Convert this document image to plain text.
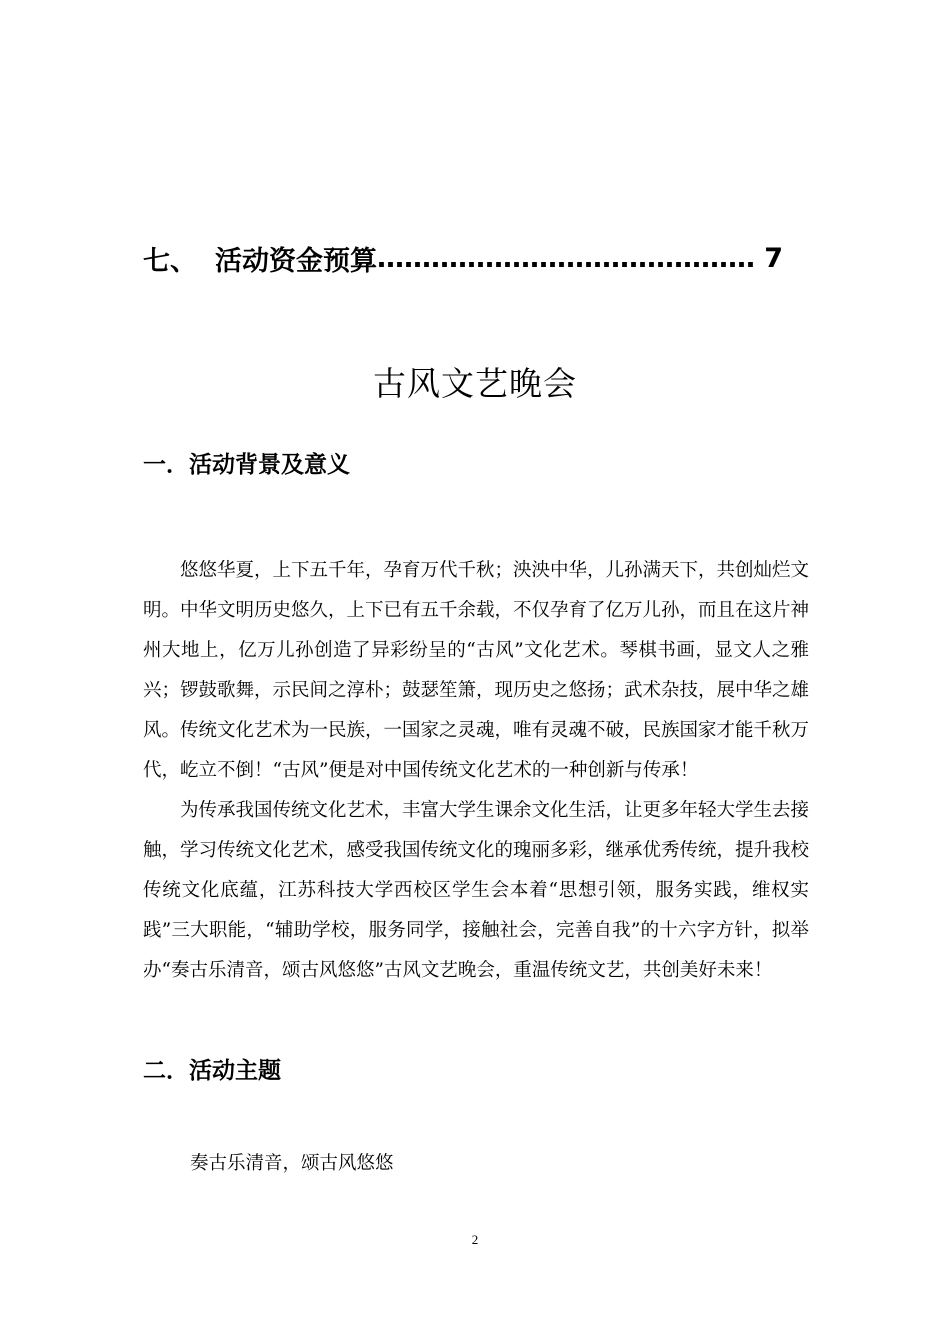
七、 活动资金预算 …………………………………… 7
古风文艺晚会
一．活动背景及意义

悠悠华夏，上下五千年，孕育万代千秋；泱泱中华，儿孙满天下，共创灿烂文明。中华文明历史悠久，上下已有五千余载，不仅孕育了亿万儿孙，而且在这片神州大地上，亿万儿孙创造了异彩纷呈的“古风”文化艺术。琴棋书画，显文人之雅兴；锣鼓歌舞，示民间之淳朴；鼓瑟笙箫，现历史之悠扬；武术杂技，展中华之雄风。传统文化艺术为一民族，一国家之灵魂，唯有灵魂不破，民族国家才能千秋万代，屹立不倒！“古风”便是对中国传统文化艺术的一种创新与传承！

为传承我国传统文化艺术，丰富大学生课余文化生活，让更多年轻大学生去接触，学习传统文化艺术，感受我国传统文化的瑰丽多彩，继承优秀传统，提升我校传统文化底蕴，江苏科技大学西校区学生会本着“思想引领，服务实践，维权实践”三大职能，“辅助学校，服务同学，接触社会，完善自我”的十六字方针，拟举办“奏古乐清音，颂古风悠悠”古风文艺晚会，重温传统文艺，共创美好未来！

二．活动主题
奏古乐清音，颂古风悠悠
2
